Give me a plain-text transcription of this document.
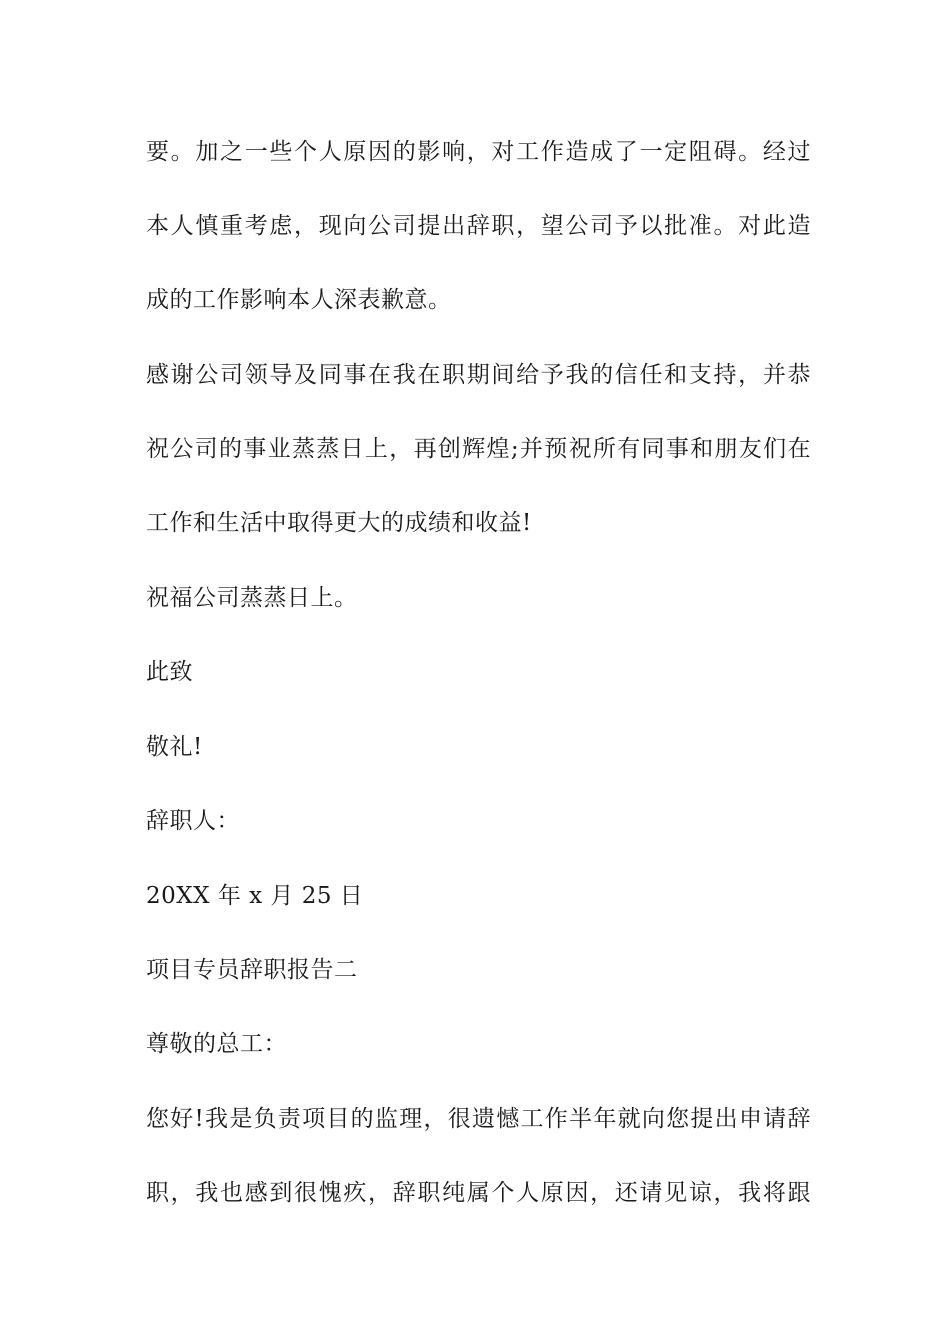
要。加之一些个人原因的影响，对工作造成了一定阻碍。经过
本人慎重考虑，现向公司提出辞职，望公司予以批准。对此造
成的工作影响本人深表歉意。
感谢公司领导及同事在我在职期间给予我的信任和支持，并恭
祝公司的事业蒸蒸日上，再创辉煌;并预祝所有同事和朋友们在
工作和生活中取得更大的成绩和收益!
祝福公司蒸蒸日上。
此致
敬礼!
辞职人：
20XX 年 x 月 25 日
项目专员辞职报告二
尊敬的总工：
您好!我是负责项目的监理，很遗憾工作半年就向您提出申请辞
职，我也感到很愧疚，辞职纯属个人原因，还请见谅，我将跟
